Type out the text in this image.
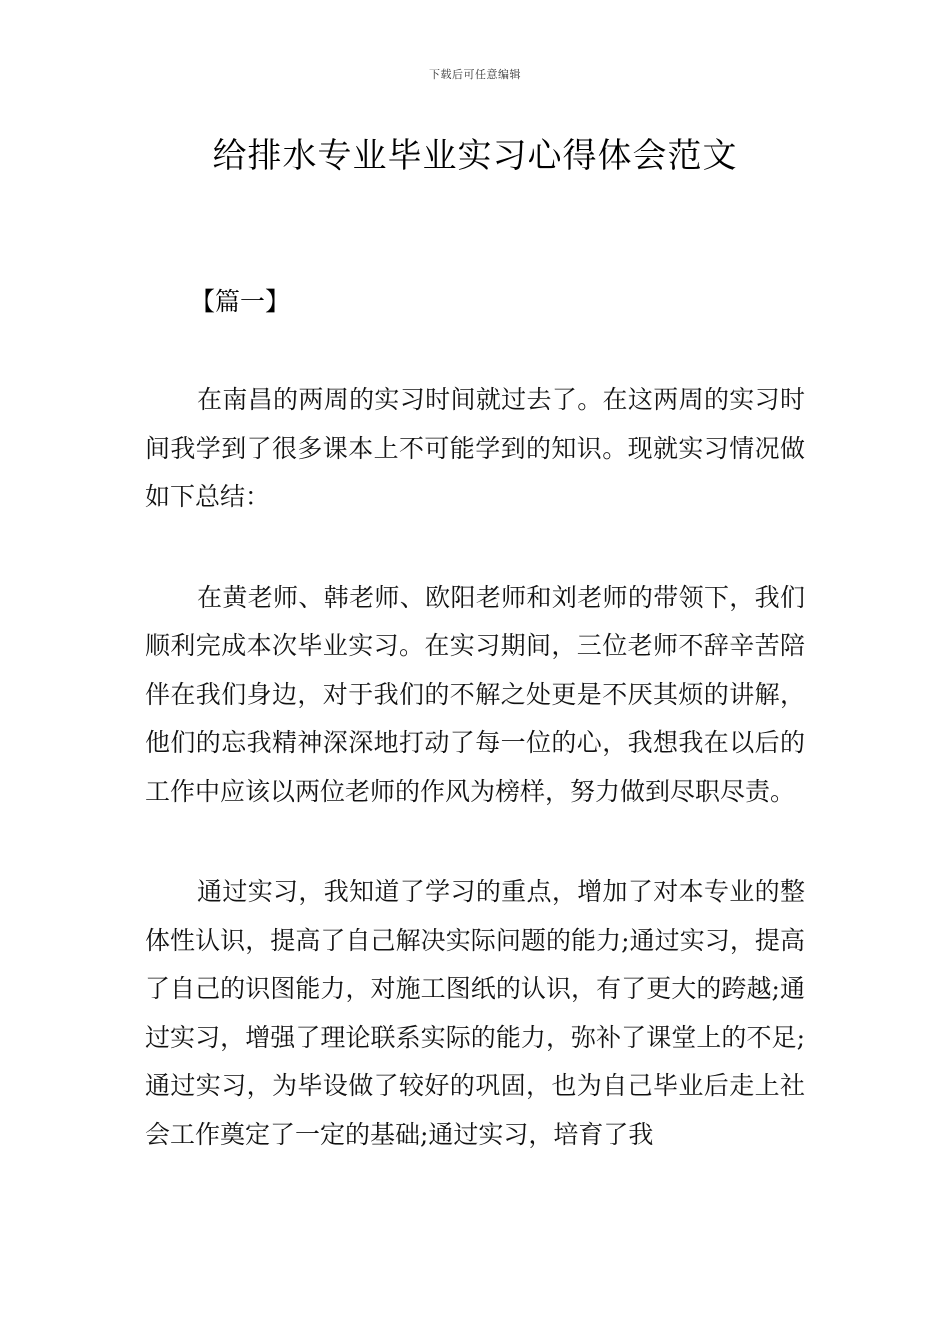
下载后可任意编辑
给排水专业毕业实习心得体会范文
【篇一】

在南昌的两周的实习时间就过去了。在这两周的实习时间我学到了很多课本上不可能学到的知识。现就实习情况做如下总结：

在黄老师、韩老师、欧阳老师和刘老师的带领下，我们顺利完成本次毕业实习。在实习期间，三位老师不辞辛苦陪伴在我们身边，对于我们的不解之处更是不厌其烦的讲解，他们的忘我精神深深地打动了每一位的心，我想我在以后的工作中应该以两位老师的作风为榜样，努力做到尽职尽责。

通过实习，我知道了学习的重点，增加了对本专业的整体性认识，提高了自己解决实际问题的能力;通过实习，提高了自己的识图能力，对施工图纸的认识，有了更大的跨越;通过实习，增强了理论联系实际的能力，弥补了课堂上的不足;通过实习，为毕设做了较好的巩固，也为自己毕业后走上社会工作奠定了一定的基础;通过实习，培育了我
